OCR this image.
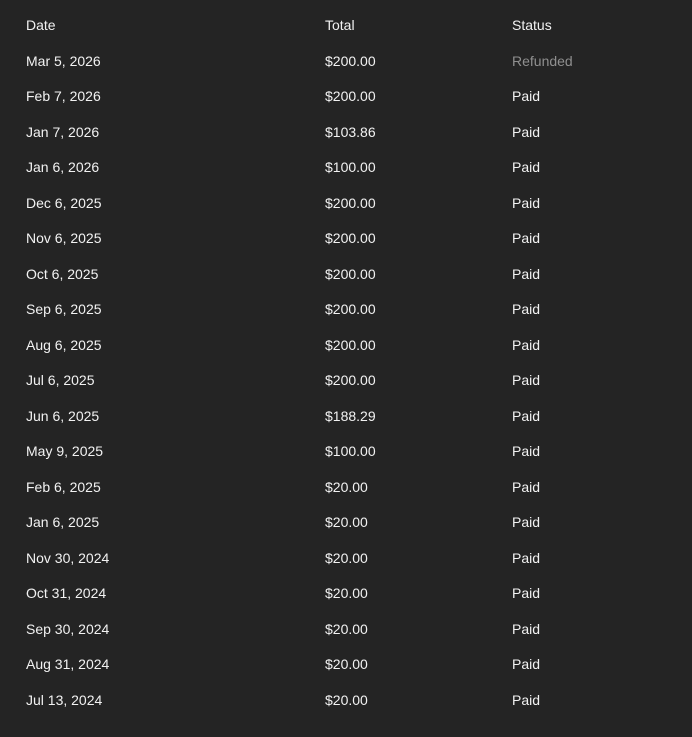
Date	Total	Status
Mar 5, 2026	$200.00	Refunded
Feb 7, 2026	$200.00	Paid
Jan 7, 2026	$103.86	Paid
Jan 6, 2026	$100.00	Paid
Dec 6, 2025	$200.00	Paid
Nov 6, 2025	$200.00	Paid
Oct 6, 2025	$200.00	Paid
Sep 6, 2025	$200.00	Paid
Aug 6, 2025	$200.00	Paid
Jul 6, 2025	$200.00	Paid
Jun 6, 2025	$188.29	Paid
May 9, 2025	$100.00	Paid
Feb 6, 2025	$20.00	Paid
Jan 6, 2025	$20.00	Paid
Nov 30, 2024	$20.00	Paid
Oct 31, 2024	$20.00	Paid
Sep 30, 2024	$20.00	Paid
Aug 31, 2024	$20.00	Paid
Jul 13, 2024	$20.00	Paid
